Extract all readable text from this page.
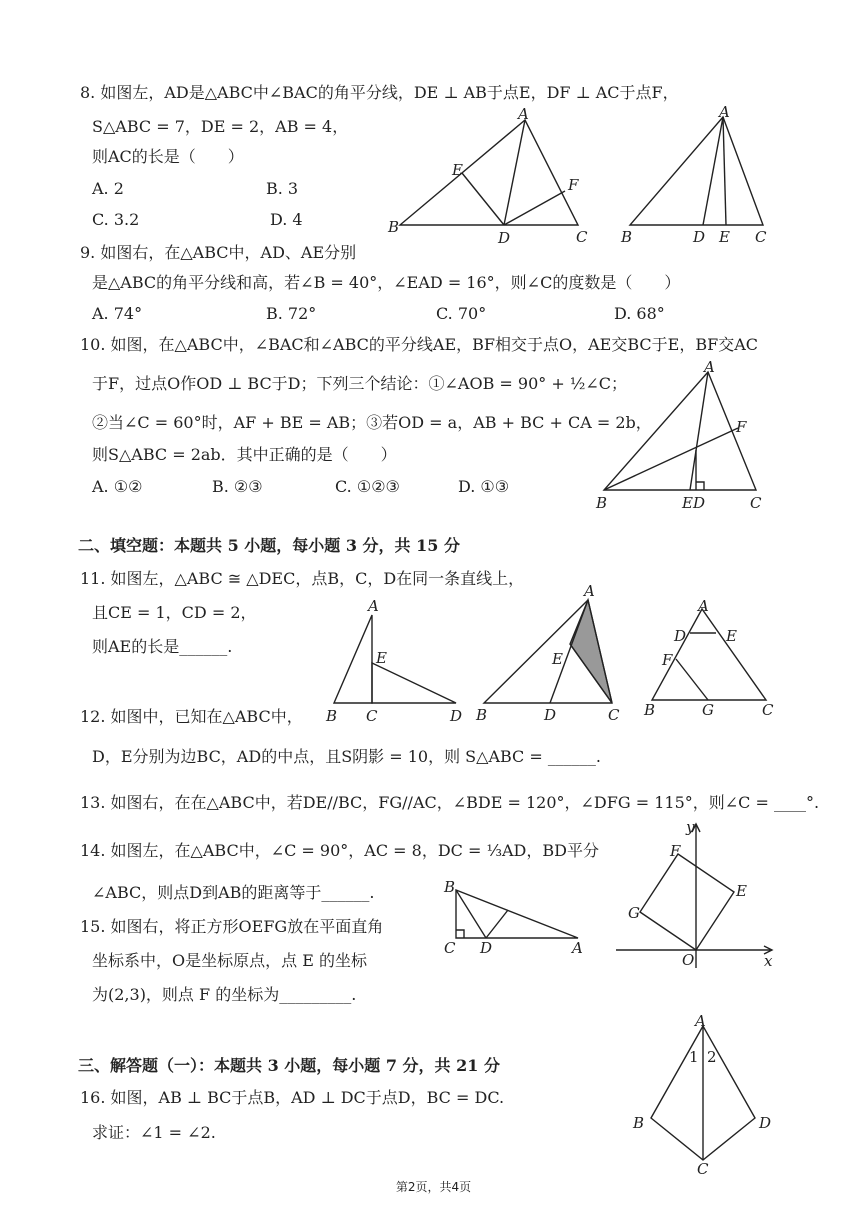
8. 如图左，AD是△ABC中∠BAC的角平分线，DE ⊥ AB于点E，DF ⊥ AC于点F，
S△ABC = 7，DE = 2，AB = 4，
则AC的长是（　　）
A. 2	B. 3
C. 3.2	D. 4
A
B
C
D
E
F
A
B	D E C
9. 如图右，在△ABC中，AD、AE分别
是△ABC的角平分线和高，若∠B = 40°，∠EAD = 16°，则∠C的度数是（　　）
A. 74°	B. 72°	C. 70°	D. 68°
10. 如图，在△ABC中，∠BAC和∠ABC的平分线AE，BF相交于点O，AE交BC于E，BF交AC
于F，过点O作OD ⊥ BC于D；下列三个结论：①∠AOB = 90° + ½∠C；
②当∠C = 60°时，AF + BE = AB；③若OD = a，AB + BC + CA = 2b，
则S△ABC = 2ab．其中正确的是（　　）
A. ①②	B. ②③	C. ①②③	D. ①③
A
B	C
E D
F
二、填空题：本题共 5 小题，每小题 3 分，共 15 分
11. 如图左，△ABC ≅ △DEC，点B，C，D在同一条直线上，
且CE = 1，CD = 2，
则AE的长是______.
A
B C	D
E
A
B	C
D
E
A
B	C
D	E
F
G
12. 如图中，已知在△ABC中，
D，E分别为边BC，AD的中点，且S阴影 = 10，则 S△ABC = ______.
13. 如图右，在在△ABC中，若DE//BC，FG//AC，∠BDE = 120°，∠DFG = 115°，则∠C = ____°.
14. 如图左，在△ABC中，∠C = 90°，AC = 8，DC = ⅓AD，BD平分
∠ABC，则点D到AB的距离等于______.	B
C D	A
y
x
O
E
F
G
15. 如图右，将正方形OEFG放在平面直角
坐标系中，O是坐标原点，点 E 的坐标
为(2,3)，则点 F 的坐标为_________.
三、解答题（一）：本题共 3 小题，每小题 7 分，共 21 分
16. 如图，AB ⊥ BC于点B，AD ⊥ DC于点D，BC = DC.
求证：∠1 = ∠2.
A
B
C
D
1 2
第2页，共4页
